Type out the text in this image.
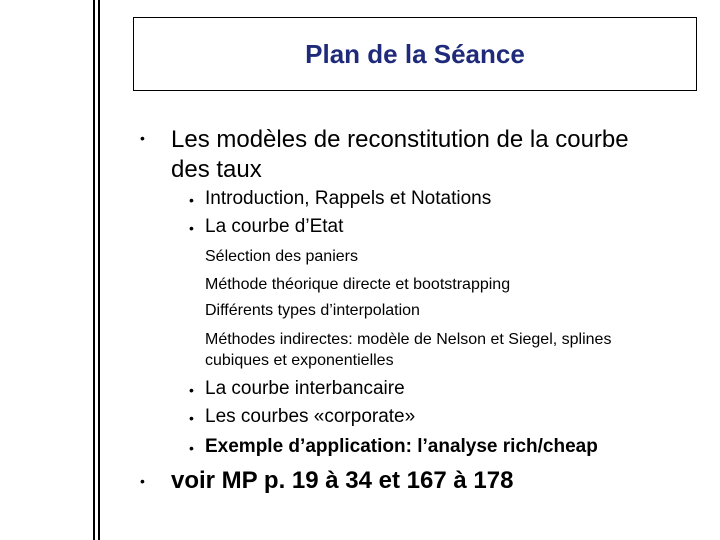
Plan de la Séance
• Les modèles de reconstitution de la courbe
des taux
• Introduction, Rappels et Notations
• La courbe d’Etat
Sélection des paniers
Méthode théorique directe et bootstrapping
Différents types d’interpolation
Méthodes indirectes: modèle de Nelson et Siegel, splines
cubiques et exponentielles
• La courbe interbancaire
• Les courbes «corporate»
• Exemple d’application: l’analyse rich/cheap
• voir MP p. 19 à 34 et 167 à 178
